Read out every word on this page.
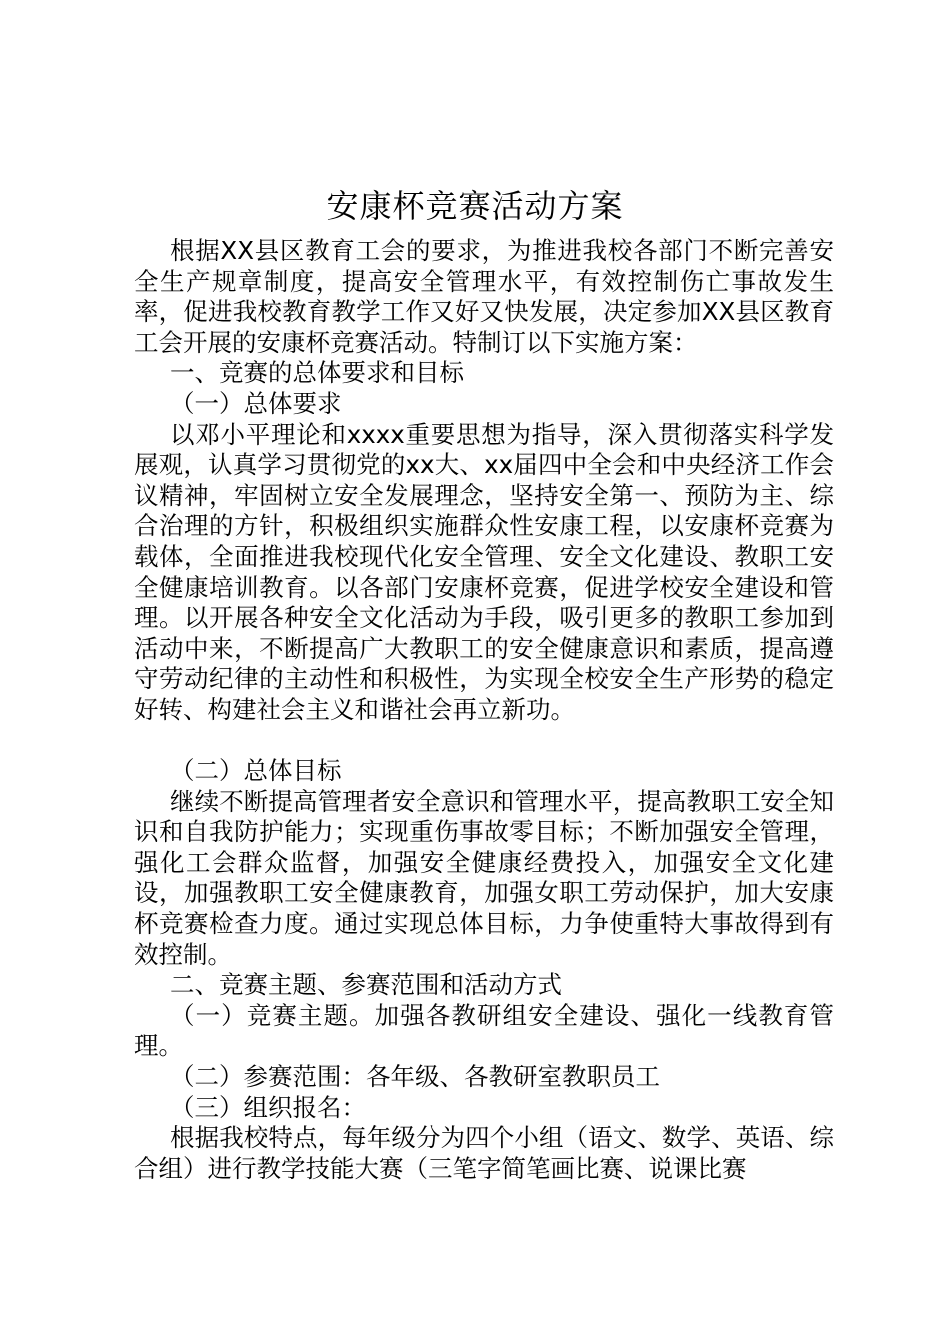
安康杯竞赛活动方案

根据XX县区教育工会的要求，为推进我校各部门不断完善安全生产规章制度，提高安全管理水平，有效控制伤亡事故发生率，促进我校教育教学工作又好又快发展，决定参加XX县区教育工会开展的安康杯竞赛活动。特制订以下实施方案：

一、竞赛的总体要求和目标

（一）总体要求

以邓小平理论和xxxx重要思想为指导，深入贯彻落实科学发展观，认真学习贯彻党的xx大、xx届四中全会和中央经济工作会议精神，牢固树立安全发展理念，坚持安全第一、预防为主、综合治理的方针，积极组织实施群众性安康工程，以安康杯竞赛为载体，全面推进我校现代化安全管理、安全文化建设、教职工安全健康培训教育。以各部门安康杯竞赛，促进学校安全建设和管理。以开展各种安全文化活动为手段，吸引更多的教职工参加到活动中来，不断提高广大教职工的安全健康意识和素质，提高遵守劳动纪律的主动性和积极性，为实现全校安全生产形势的稳定好转、构建社会主义和谐社会再立新功。

（二）总体目标

继续不断提高管理者安全意识和管理水平，提高教职工安全知识和自我防护能力；实现重伤事故零目标；不断加强安全管理，强化工会群众监督，加强安全健康经费投入，加强安全文化建设，加强教职工安全健康教育，加强女职工劳动保护，加大安康杯竞赛检查力度。通过实现总体目标，力争使重特大事故得到有效控制。

二、竞赛主题、参赛范围和活动方式

（一）竞赛主题。加强各教研组安全建设、强化一线教育管理。

（二）参赛范围：各年级、各教研室教职员工

（三）组织报名：

根据我校特点，每年级分为四个小组（语文、数学、英语、综合组）进行教学技能大赛（三笔字简笔画比赛、说课比赛
